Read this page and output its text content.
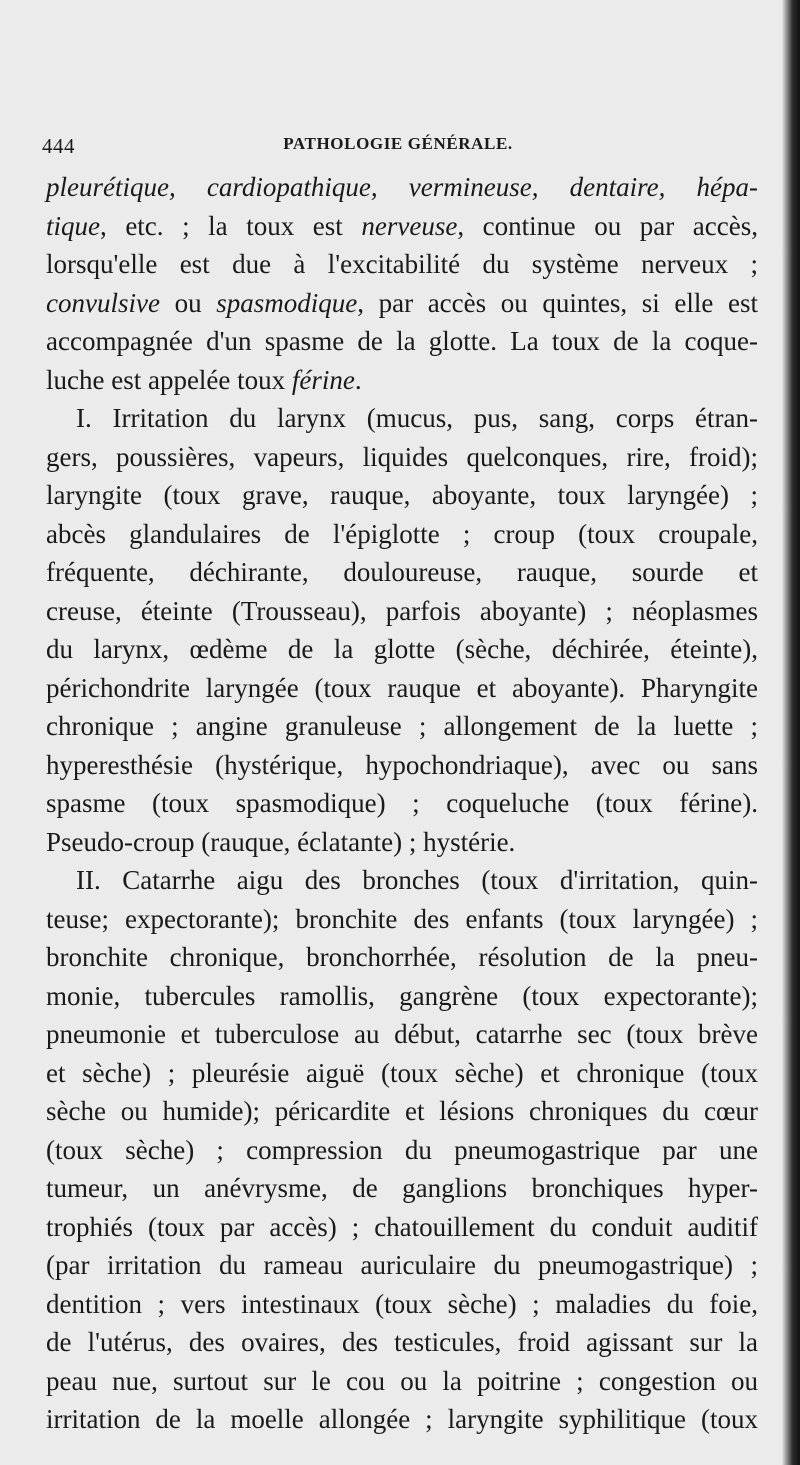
444	PATHOLOGIE GÉNÉRALE.
pleurétique, cardiopathique, vermineuse, dentaire, hépa-
tique, etc. ; la toux est nerveuse, continue ou par accès,
lorsqu'elle est due à l'excitabilité du système nerveux ;
convulsive ou spasmodique, par accès ou quintes, si elle est
accompagnée d'un spasme de la glotte. La toux de la coque-
luche est appelée toux férine.
I. Irritation du larynx (mucus, pus, sang, corps étran-
gers, poussières, vapeurs, liquides quelconques, rire, froid);
laryngite (toux grave, rauque, aboyante, toux laryngée) ;
abcès glandulaires de l'épiglotte ; croup (toux croupale,
fréquente, déchirante, douloureuse, rauque, sourde et
creuse, éteinte (Trousseau), parfois aboyante) ; néoplasmes
du larynx, œdème de la glotte (sèche, déchirée, éteinte),
périchondrite laryngée (toux rauque et aboyante). Pharyngite
chronique ; angine granuleuse ; allongement de la luette ;
hyperesthésie (hystérique, hypochondriaque), avec ou sans
spasme (toux spasmodique) ; coqueluche (toux férine).
Pseudo-croup (rauque, éclatante) ; hystérie.
II. Catarrhe aigu des bronches (toux d'irritation, quin-
teuse; expectorante); bronchite des enfants (toux laryngée) ;
bronchite chronique, bronchorrhée, résolution de la pneu-
monie, tubercules ramollis, gangrène (toux expectorante);
pneumonie et tuberculose au début, catarrhe sec (toux brève
et sèche) ; pleurésie aiguë (toux sèche) et chronique (toux
sèche ou humide); péricardite et lésions chroniques du cœur
(toux sèche) ; compression du pneumogastrique par une
tumeur, un anévrysme, de ganglions bronchiques hyper-
trophiés (toux par accès) ; chatouillement du conduit auditif
(par irritation du rameau auriculaire du pneumogastrique) ;
dentition ; vers intestinaux (toux sèche) ; maladies du foie,
de l'utérus, des ovaires, des testicules, froid agissant sur la
peau nue, surtout sur le cou ou la poitrine ; congestion ou
irritation de la moelle allongée ; laryngite syphilitique (toux
